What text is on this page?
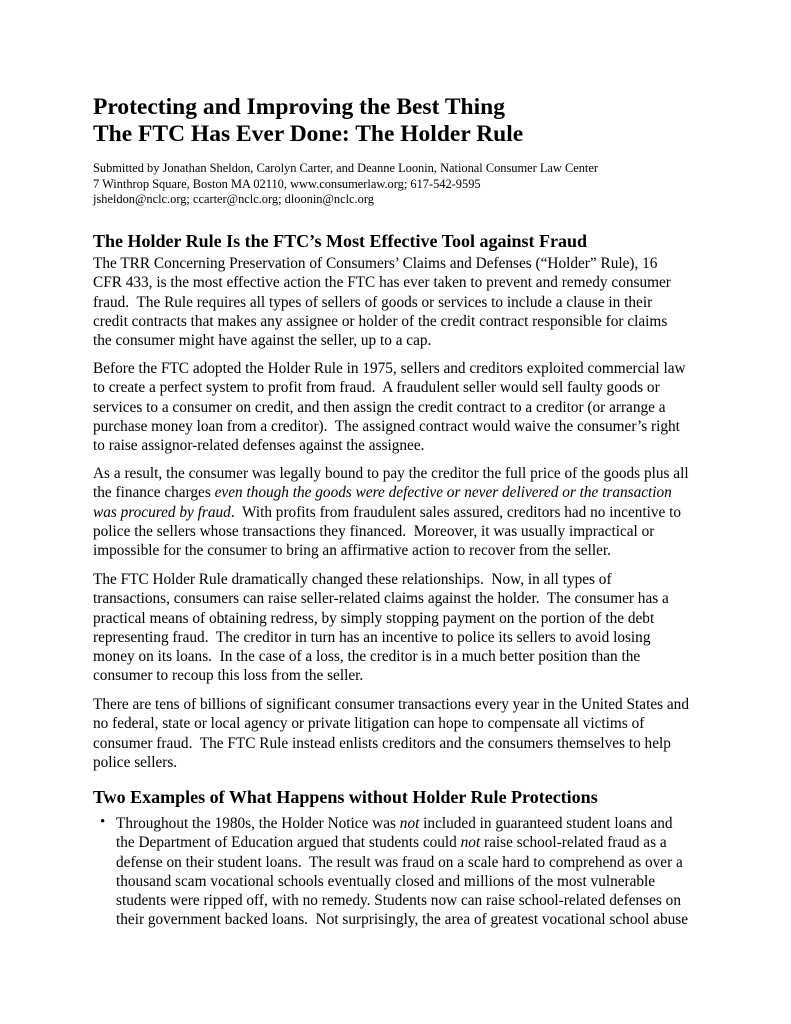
Protecting and Improving the Best Thing
The FTC Has Ever Done: The Holder Rule
Submitted by Jonathan Sheldon, Carolyn Carter, and Deanne Loonin, National Consumer Law Center
7 Winthrop Square, Boston MA 02110, www.consumerlaw.org; 617-542-9595
jsheldon@nclc.org; ccarter@nclc.org; dloonin@nclc.org
The Holder Rule Is the FTC’s Most Effective Tool against Fraud
The TRR Concerning Preservation of Consumers’ Claims and Defenses (“Holder” Rule), 16
CFR 433, is the most effective action the FTC has ever taken to prevent and remedy consumer
fraud.  The Rule requires all types of sellers of goods or services to include a clause in their
credit contracts that makes any assignee or holder of the credit contract responsible for claims
the consumer might have against the seller, up to a cap.
Before the FTC adopted the Holder Rule in 1975, sellers and creditors exploited commercial law
to create a perfect system to profit from fraud.  A fraudulent seller would sell faulty goods or
services to a consumer on credit, and then assign the credit contract to a creditor (or arrange a
purchase money loan from a creditor).  The assigned contract would waive the consumer’s right
to raise assignor-related defenses against the assignee.
As a result, the consumer was legally bound to pay the creditor the full price of the goods plus all
the finance charges even though the goods were defective or never delivered or the transaction
was procured by fraud.  With profits from fraudulent sales assured, creditors had no incentive to
police the sellers whose transactions they financed.  Moreover, it was usually impractical or
impossible for the consumer to bring an affirmative action to recover from the seller.
The FTC Holder Rule dramatically changed these relationships.  Now, in all types of
transactions, consumers can raise seller-related claims against the holder.  The consumer has a
practical means of obtaining redress, by simply stopping payment on the portion of the debt
representing fraud.  The creditor in turn has an incentive to police its sellers to avoid losing
money on its loans.  In the case of a loss, the creditor is in a much better position than the
consumer to recoup this loss from the seller.
There are tens of billions of significant consumer transactions every year in the United States and
no federal, state or local agency or private litigation can hope to compensate all victims of
consumer fraud.  The FTC Rule instead enlists creditors and the consumers themselves to help
police sellers.
Two Examples of What Happens without Holder Rule Protections
• Throughout the 1980s, the Holder Notice was not included in guaranteed student loans and
the Department of Education argued that students could not raise school-related fraud as a
defense on their student loans.  The result was fraud on a scale hard to comprehend as over a
thousand scam vocational schools eventually closed and millions of the most vulnerable
students were ripped off, with no remedy. Students now can raise school-related defenses on
their government backed loans.  Not surprisingly, the area of greatest vocational school abuse
